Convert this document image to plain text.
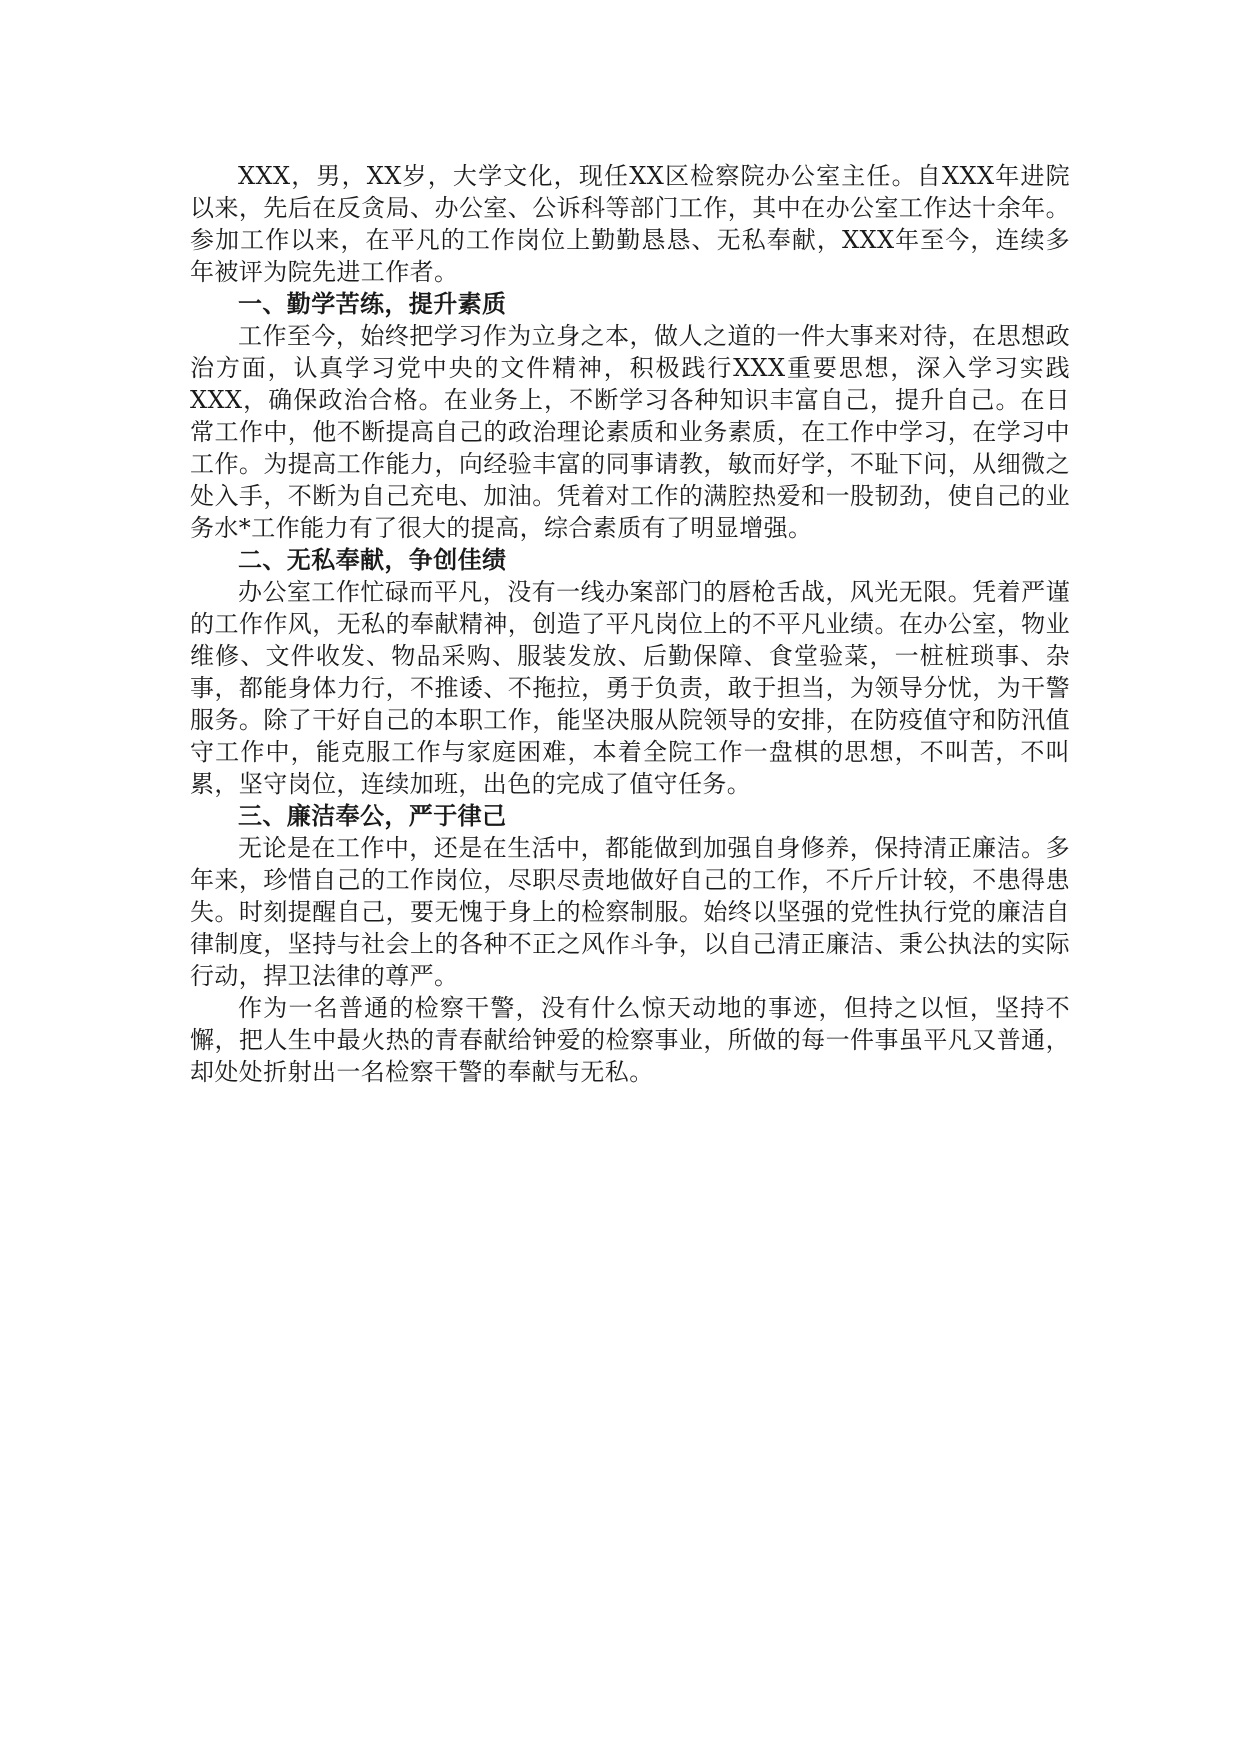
XXX，男，XX岁，大学文化，现任XX区检察院办公室主任。自XXX年进院以来，先后在反贪局、办公室、公诉科等部门工作，其中在办公室工作达十余年。参加工作以来，在平凡的工作岗位上勤勤恳恳、无私奉献，XXX年至今，连续多年被评为院先进工作者。

一、勤学苦练，提升素质

工作至今，始终把学习作为立身之本，做人之道的一件大事来对待，在思想政治方面，认真学习党中央的文件精神，积极践行XXX重要思想，深入学习实践XXX，确保政治合格。在业务上，不断学习各种知识丰富自己，提升自己。在日常工作中，他不断提高自己的政治理论素质和业务素质，在工作中学习，在学习中工作。为提高工作能力，向经验丰富的同事请教，敏而好学，不耻下问，从细微之处入手，不断为自己充电、加油。凭着对工作的满腔热爱和一股韧劲，使自己的业务水*工作能力有了很大的提高，综合素质有了明显增强。

二、无私奉献，争创佳绩

办公室工作忙碌而平凡，没有一线办案部门的唇枪舌战，风光无限。凭着严谨的工作作风，无私的奉献精神，创造了平凡岗位上的不平凡业绩。在办公室，物业维修、文件收发、物品采购、服装发放、后勤保障、食堂验菜，一桩桩琐事、杂事，都能身体力行，不推诿、不拖拉，勇于负责，敢于担当，为领导分忧，为干警服务。除了干好自己的本职工作，能坚决服从院领导的安排，在防疫值守和防汛值守工作中，能克服工作与家庭困难，本着全院工作一盘棋的思想，不叫苦，不叫累，坚守岗位，连续加班，出色的完成了值守任务。

三、廉洁奉公，严于律己

无论是在工作中，还是在生活中，都能做到加强自身修养，保持清正廉洁。多年来，珍惜自己的工作岗位，尽职尽责地做好自己的工作，不斤斤计较，不患得患失。时刻提醒自己，要无愧于身上的检察制服。始终以坚强的党性执行党的廉洁自律制度，坚持与社会上的各种不正之风作斗争，以自己清正廉洁、秉公执法的实际行动，捍卫法律的尊严。

作为一名普通的检察干警，没有什么惊天动地的事迹，但持之以恒，坚持不懈，把人生中最火热的青春献给钟爱的检察事业，所做的每一件事虽平凡又普通，却处处折射出一名检察干警的奉献与无私。
